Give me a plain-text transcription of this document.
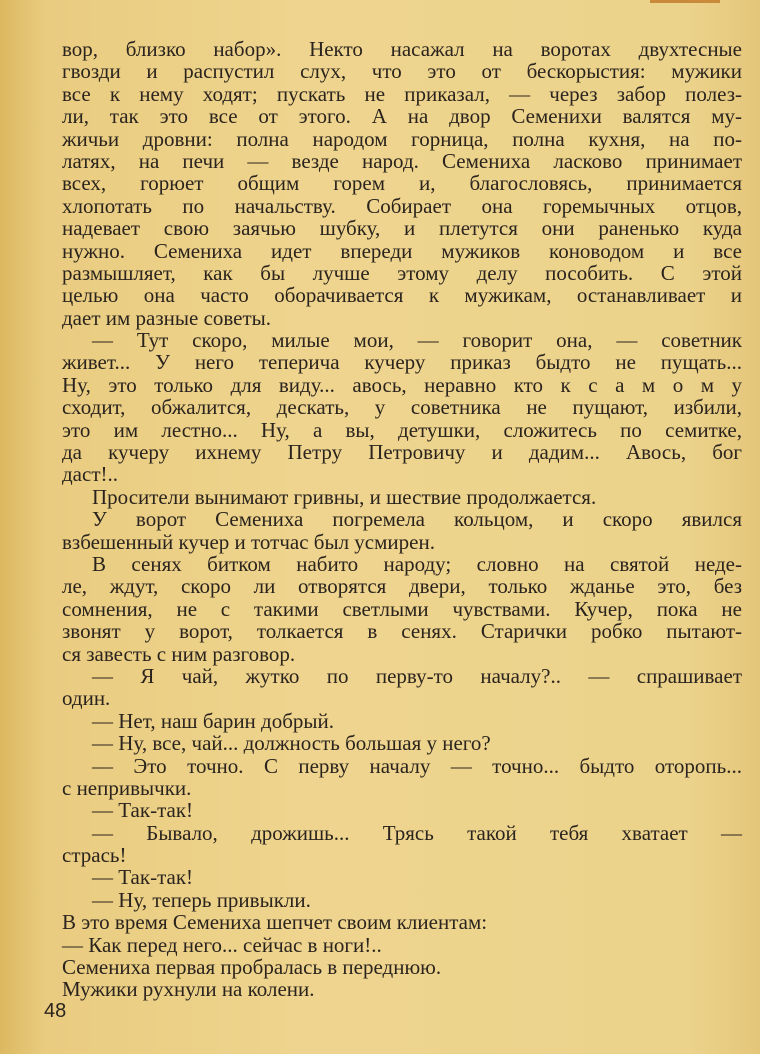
вор, близко набор». Некто насажал на воротах двухтесные
гвозди и распустил слух, что это от бескорыстия: мужики
все к нему ходят; пускать не приказал, — через забор полез-
ли, так это все от этого. А на двор Семенихи валятся му-
жичьи дровни: полна народом горница, полна кухня, на по-
латях, на печи — везде народ. Семениха ласково принимает
всех, горюет общим горем и, благословясь, принимается
хлопотать по начальству. Собирает она горемычных отцов,
надевает свою заячью шубку, и плетутся они раненько куда
нужно. Семениха идет впереди мужиков коноводом и все
размышляет, как бы лучше этому делу пособить. С этой
целью она часто оборачивается к мужикам, останавливает и
дает им разные советы.
— Тут скоро, милые мои, — говорит она, — советник
живет... У него теперича кучеру приказ быдто не пущать...
Ну, это только для виду... авось, неравно кто к с а м о м у
сходит, обжалится, дескать, у советника не пущают, избили,
это им лестно... Ну, а вы, детушки, сложитесь по семитке,
да кучеру ихнему Петру Петровичу и дадим... Авось, бог
даст!..
Просители вынимают гривны, и шествие продолжается.
У ворот Семениха погремела кольцом, и скоро явился
взбешенный кучер и тотчас был усмирен.
В сенях битком набито народу; словно на святой неде-
ле, ждут, скоро ли отворятся двери, только жданье это, без
сомнения, не с такими светлыми чувствами. Кучер, пока не
звонят у ворот, толкается в сенях. Старички робко пытают-
ся завесть с ним разговор.
— Я чай, жутко по перву-то началу?.. — спрашивает
один.
— Нет, наш барин добрый.
— Ну, все, чай... должность большая у него?
— Это точно. С перву началу — точно... быдто оторопь...
с непривычки.
— Так-так!
— Бывало, дрожишь... Трясь такой тебя хватает —
стрась!
— Так-так!
— Ну, теперь привыкли.
В это время Семениха шепчет своим клиентам:
— Как перед него... сейчас в ноги!..
Семениха первая пробралась в переднюю.
Мужики рухнули на колени.
48
